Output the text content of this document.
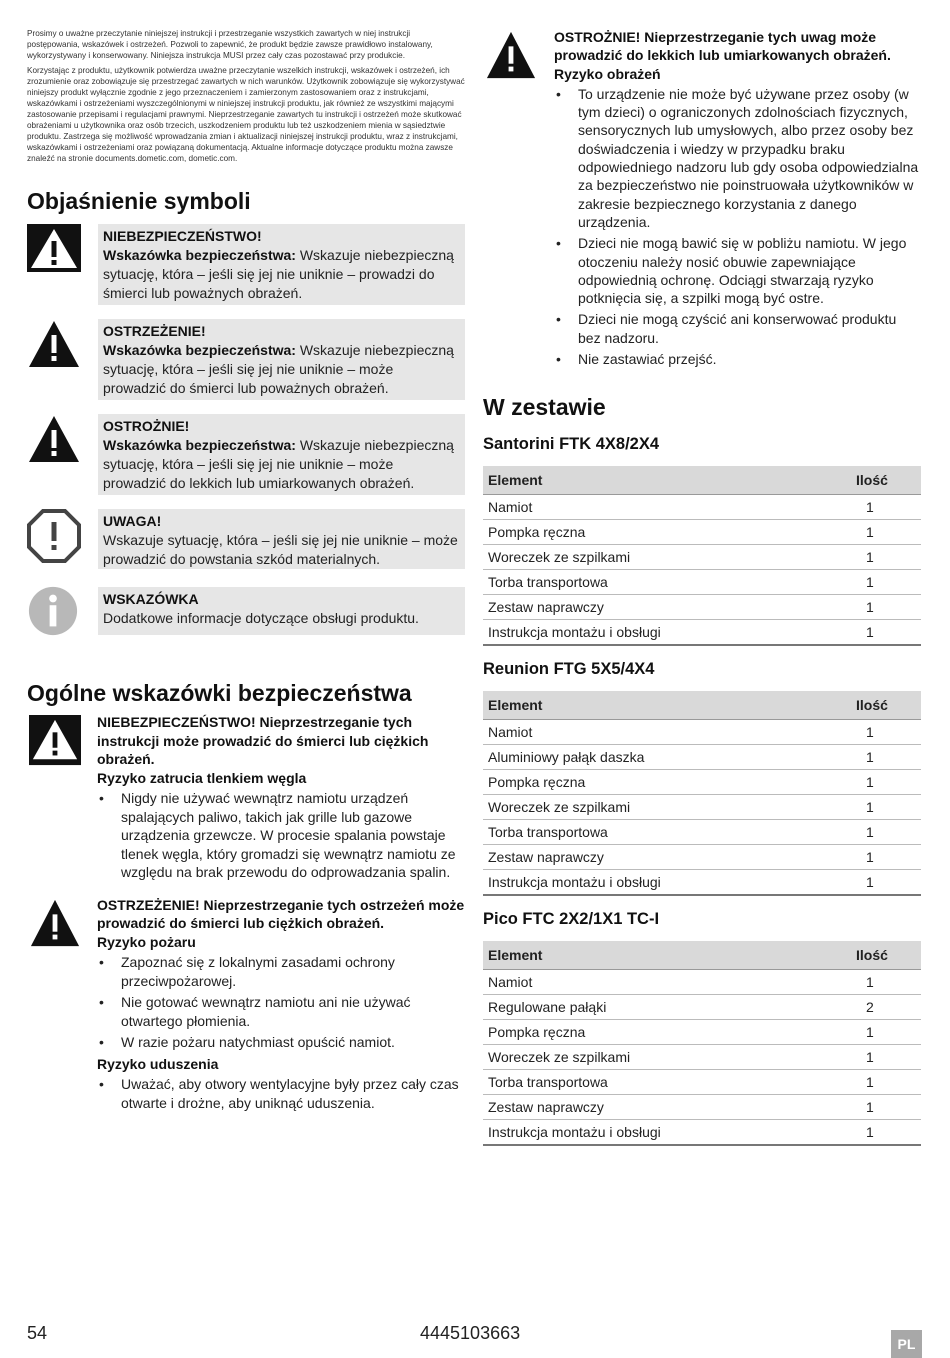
Prosimy o uważne przeczytanie niniejszej instrukcji i przestrzeganie wszystkich zawartych w niej instrukcji postępowania, wskazówek i ostrzeżeń. Pozwoli to zapewnić, że produkt będzie zawsze prawidłowo instalowany, wykorzystywany i konserwowany. Niniejsza instrukcja MUSI przez cały czas pozostawać przy produkcie.

Korzystając z produktu, użytkownik potwierdza uważne przeczytanie wszelkich instrukcji, wskazówek i ostrzeżeń, ich zrozumienie oraz zobowiązuje się przestrzegać zawartych w nich warunków. Użytkownik zobowiązuje się wykorzystywać niniejszy produkt wyłącznie zgodnie z jego przeznaczeniem i zamierzonym zastosowaniem oraz z instrukcjami, wskazówkami i ostrzeżeniami wyszczególnionymi w niniejszej instrukcji produktu, jak również ze wszystkimi mającymi zastosowanie przepisami i regulacjami prawnymi. Nieprzestrzeganie zawartych tu instrukcji i ostrzeżeń może skutkować obrażeniami u użytkownika oraz osób trzecich, uszkodzeniem produktu lub też uszkodzeniem mienia w sąsiedztwie produktu. Zastrzega się możliwość wprowadzania zmian i aktualizacji niniejszej instrukcji produktu, wraz z instrukcjami, wskazówkami i ostrzeżeniami oraz powiązaną dokumentacją. Aktualne informacje dotyczące produktu można zawsze znaleźć na stronie documents.dometic.com, dometic.com.

Objaśnienie symboli
NIEBEZPIECZEŃSTWO!
Wskazówka bezpieczeństwa: Wskazuje niebezpieczną sytuację, która – jeśli się jej nie uniknie – prowadzi do śmierci lub poważnych obrażeń.
OSTRZEŻENIE!
Wskazówka bezpieczeństwa: Wskazuje niebezpieczną sytuację, która – jeśli się jej nie uniknie – może prowadzić do śmierci lub poważnych obrażeń.
OSTROŻNIE!
Wskazówka bezpieczeństwa: Wskazuje niebezpieczną sytuację, która – jeśli się jej nie uniknie – może prowadzić do lekkich lub umiarkowanych obrażeń.
UWAGA!
Wskazuje sytuację, która – jeśli się jej nie uniknie – może prowadzić do powstania szkód materialnych.
WSKAZÓWKA
Dodatkowe informacje dotyczące obsługi produktu.
Ogólne wskazówki bezpieczeństwa
NIEBEZPIECZEŃSTWO! Nieprzestrzeganie tych instrukcji może prowadzić do śmierci lub ciężkich obrażeń.
Ryzyko zatrucia tlenkiem węgla
• Nigdy nie używać wewnątrz namiotu urządzeń spalających paliwo, takich jak grille lub gazowe urządzenia grzewcze. W procesie spalania powstaje tlenek węgla, który gromadzi się wewnątrz namiotu ze względu na brak przewodu do odprowadzania spalin.
OSTRZEŻENIE! Nieprzestrzeganie tych ostrzeżeń może prowadzić do śmierci lub ciężkich obrażeń.
Ryzyko pożaru
• Zapoznać się z lokalnymi zasadami ochrony przeciwpożarowej.
• Nie gotować wewnątrz namiotu ani nie używać otwartego płomienia.
• W razie pożaru natychmiast opuścić namiot.
Ryzyko uduszenia
• Uważać, aby otwory wentylacyjne były przez cały czas otwarte i drożne, aby uniknąć uduszenia.
OSTROŻNIE! Nieprzestrzeganie tych uwag może prowadzić do lekkich lub umiarkowanych obrażeń.
Ryzyko obrażeń
• To urządzenie nie może być używane przez osoby (w tym dzieci) o ograniczonych zdolnościach fizycznych, sensorycznych lub umysłowych, albo przez osoby bez doświadczenia i wiedzy w przypadku braku odpowiedniego nadzoru lub gdy osoba odpowiedzialna za bezpieczeństwo nie poinstruowała użytkowników w zakresie bezpiecznego korzystania z danego urządzenia.
• Dzieci nie mogą bawić się w pobliżu namiotu. W jego otoczeniu należy nosić obuwie zapewniające odpowiednią ochronę. Odciągi stwarzają ryzyko potknięcia się, a szpilki mogą być ostre.
• Dzieci nie mogą czyścić ani konserwować produktu bez nadzoru.
• Nie zastawiać przejść.
W zestawie
Santorini FTK 4X8/2X4
Element	Ilość
Namiot	1
Pompka ręczna	1
Woreczek ze szpilkami	1
Torba transportowa	1
Zestaw naprawczy	1
Instrukcja montażu i obsługi	1
Reunion FTG 5X5/4X4
Element	Ilość
Namiot	1
Aluminiowy pałąk daszka	1
Pompka ręczna	1
Woreczek ze szpilkami	1
Torba transportowa	1
Zestaw naprawczy	1
Instrukcja montażu i obsługi	1
Pico FTC 2X2/1X1 TC-I
Element	Ilość
Namiot	1
Regulowane pałąki	2
Pompka ręczna	1
Woreczek ze szpilkami	1
Torba transportowa	1
Zestaw naprawczy	1
Instrukcja montażu i obsługi	1
54	4445103663
PL
